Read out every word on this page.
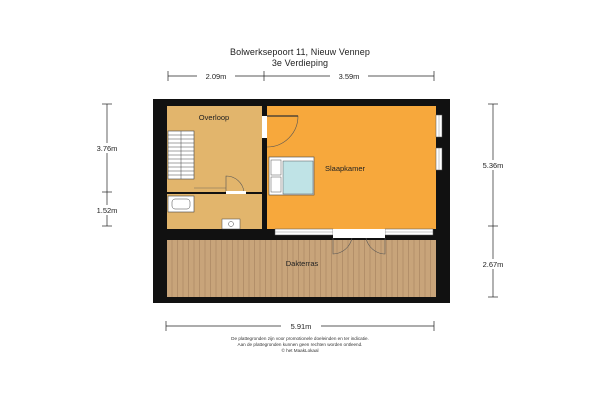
Bolwerksepoort 11, Nieuw Vennep
3e Verdieping
2.09m	3.59m
5.91m
3.76m
1.52m
5.36m
2.67m
Overloop
Slaapkamer
Dakterras
De plattegronden zijn voor promotionele doeleinden en ter indicatie.
Aan de plattegronden kunnen geen rechten worden ontleend.
© het MaakLokaal
